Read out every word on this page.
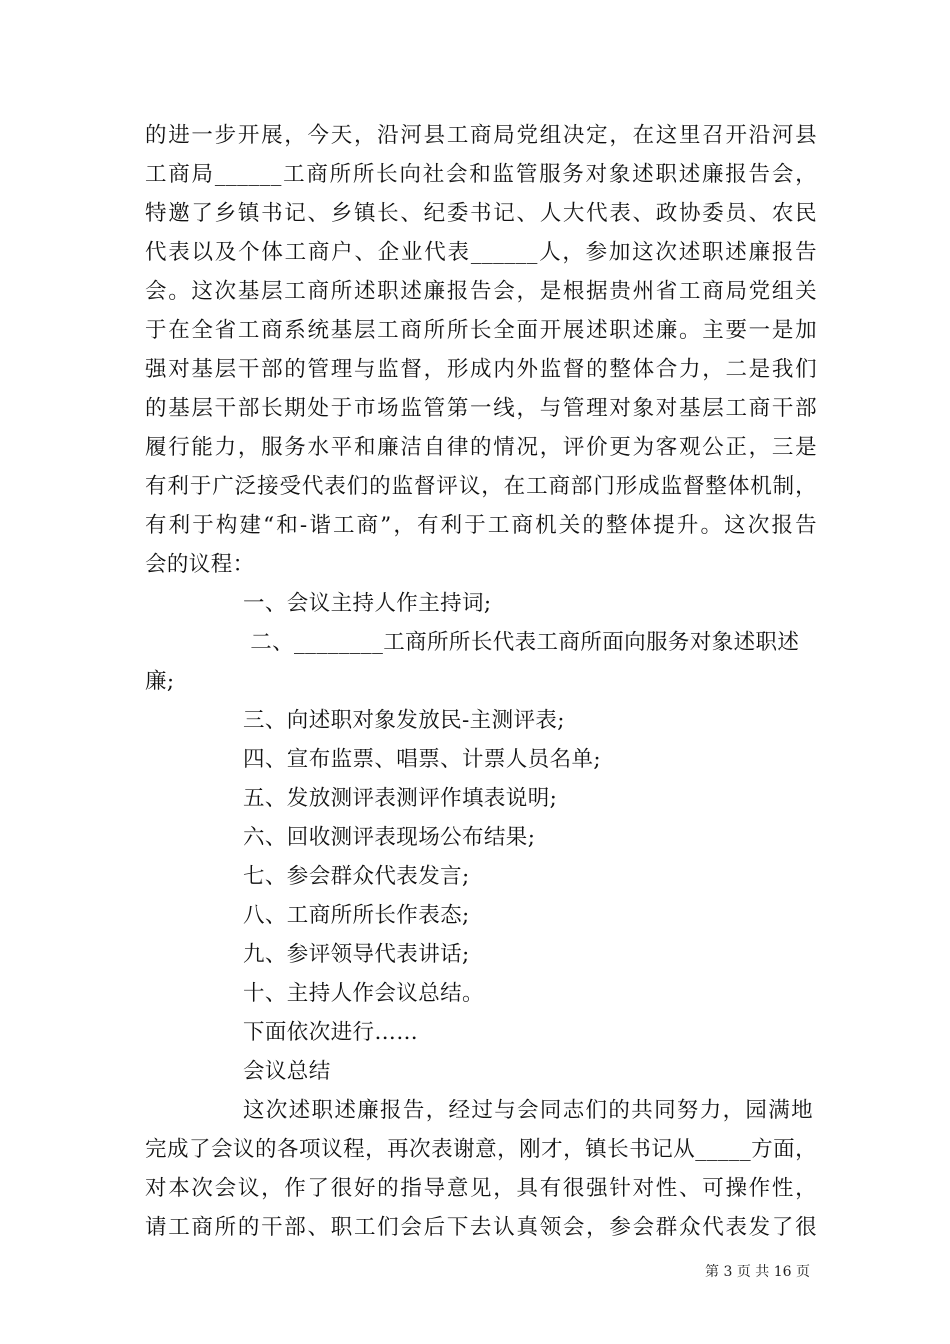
的进一步开展，今天，沿河县工商局党组决定，在这里召开沿河县
工商局______工商所所长向社会和监管服务对象述职述廉报告会，
特邀了乡镇书记、乡镇长、纪委书记、人大代表、政协委员、农民
代表以及个体工商户、企业代表______人，参加这次述职述廉报告
会。这次基层工商所述职述廉报告会，是根据贵州省工商局党组关
于在全省工商系统基层工商所所长全面开展述职述廉。主要一是加
强对基层干部的管理与监督，形成内外监督的整体合力，二是我们
的基层干部长期处于市场监管第一线，与管理对象对基层工商干部
履行能力，服务水平和廉洁自律的情况，评价更为客观公正，三是
有利于广泛接受代表们的监督评议，在工商部门形成监督整体机制，
有利于构建“和-谐工商”，有利于工商机关的整体提升。这次报告
会的议程：
一、会议主持人作主持词;
二、________工商所所长代表工商所面向服务对象述职述
廉;
三、向述职对象发放民-主测评表;
四、宣布监票、唱票、计票人员名单;
五、发放测评表测评作填表说明;
六、回收测评表现场公布结果;
七、参会群众代表发言;
八、工商所所长作表态;
九、参评领导代表讲话;
十、主持人作会议总结。
下面依次进行……
会议总结
这次述职述廉报告，经过与会同志们的共同努力，园满地
完成了会议的各项议程，再次表谢意，刚才，镇长书记从_____方面，
对本次会议，作了很好的指导意见，具有很强针对性、可操作性，
请工商所的干部、职工们会后下去认真领会，参会群众代表发了很
第 3 页 共 16 页
